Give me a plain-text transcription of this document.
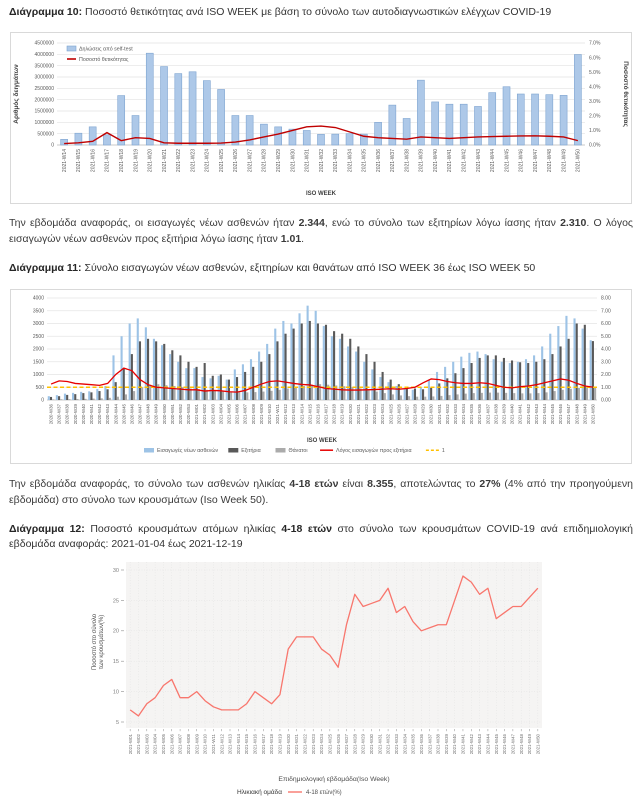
Διάγραμμα 10: Ποσοστό θετικότητας ανά ISO WEEK με βάση το σύνολο των αυτοδιαγνωστικών ελέγχων COVID-19

0
500000
1000000
1500000
2000000
2500000
3000000
3500000
4000000
4500000
0.0%
1.0%
2.0%
3.0%
4.0%
5.0%
6.0%
7.0%
2021-W14 2021-W15 2021-W16 2021-W17 2021-W18 2021-W19 2021-W20 2021-W21 2021-W22 2021-W23 2021-W24 2021-W25 2021-W26 2021-W27 2021-W28 2021-W29 2021-W30 2021-W31 2021-W32 2021-W33 2021-W34 2021-W35 2021-W36 2021-W37 2021-W38 2021-W39 2021-W40 2021-W41 2021-W42 2021-W43 2021-W44 2021-W45 2021-W46 2021-W47 2021-W48 2021-W49 2021-W50
ISO WEEK
Αριθμός δειγμάτων	Ποσοστό θετικότητας
Δηλώσεις από self-test
Ποσοστό θετικότητας

Την εβδομάδα αναφοράς, οι εισαγωγές νέων ασθενών ήταν 2.344, ενώ το σύνολο των εξιτηρίων λόγω ίασης ήταν 2.310. Ο λόγος εισαγωγών νέων ασθενών προς εξιτήρια λόγω ίασης ήταν 1.01.

Διάγραμμα 11: Σύνολο εισαγωγών νέων ασθενών, εξιτηρίων και θανάτων από ISO WEEK 36 έως ISO WEEK 50

0
500
1000
1500
2000
2500
3000
3500
4000
0.00
1.00
2.00
3.00
4.00
5.00
6.00
7.00
8.00
2020-W36 2020-W37 2020-W38 2020-W39 2020-W40 2020-W41 2020-W42 2020-W43 2020-W44 2020-W45 2020-W46 2020-W47 2020-W48 2020-W49 2020-W50 2020-W51 2020-W52 2020-W53 2021-W01 2021-W02 2021-W03 2021-W04 2021-W05 2021-W06 2021-W07 2021-W08 2021-W09 2021-W10 2021-W11 2021-W12 2021-W13 2021-W14 2021-W15 2021-W16 2021-W17 2021-W18 2021-W19 2021-W20 2021-W21 2021-W22 2021-W23 2021-W24 2021-W25 2021-W26 2021-W27 2021-W28 2021-W29 2021-W30 2021-W31 2021-W32 2021-W33 2021-W34 2021-W35 2021-W36 2021-W37 2021-W38 2021-W39 2021-W40 2021-W41 2021-W42 2021-W43 2021-W44 2021-W45 2021-W46 2021-W47 2021-W48 2021-W49 2021-W50
ISO WEEK
Εισαγωγές νέων ασθενών	Εξιτήρια	Θάνατοι	Λόγος εισαγωγών προς εξιτήρια	1

Την εβδομάδα αναφοράς, το σύνολο των ασθενών ηλικίας 4-18 ετών είναι 8.355, αποτελώντας το 27% (4% από την προηγούμενη εβδομάδα) στο σύνολο των κρουσμάτων (Iso Week 50).

Διάγραμμα 12: Ποσοστό κρουσμάτων ατόμων ηλικίας 4-18 ετών στο σύνολο των κρουσμάτων COVID-19 ανά επιδημιολογική εβδομάδα αναφοράς: 2021-01-04 έως 2021-12-19

5
10
15
20
25
30
2021-W01 2021-W02 2021-W03 2021-W04 2021-W05 2021-W06 2021-W07 2021-W08 2021-W09 2021-W10 2021-W11 2021-W12 2021-W13 2021-W14 2021-W15 2021-W16 2021-W17 2021-W18 2021-W19 2021-W20 2021-W21 2021-W22 2021-W23 2021-W24 2021-W25 2021-W26 2021-W27 2021-W28 2021-W29 2021-W30 2021-W31 2021-W32 2021-W33 2021-W34 2021-W35 2021-W36 2021-W37 2021-W38 2021-W39 2021-W40 2021-W41 2021-W42 2021-W43 2021-W44 2021-W45 2021-W46 2021-W47 2021-W48 2021-W49 2021-W50
Επιδημιολογική εβδομάδα(Iso Week)
Ποσοστό στο σύνολοτων κρουσμάτων(%)
Ηλικιακή ομάδα	4-18 ετών(%)
